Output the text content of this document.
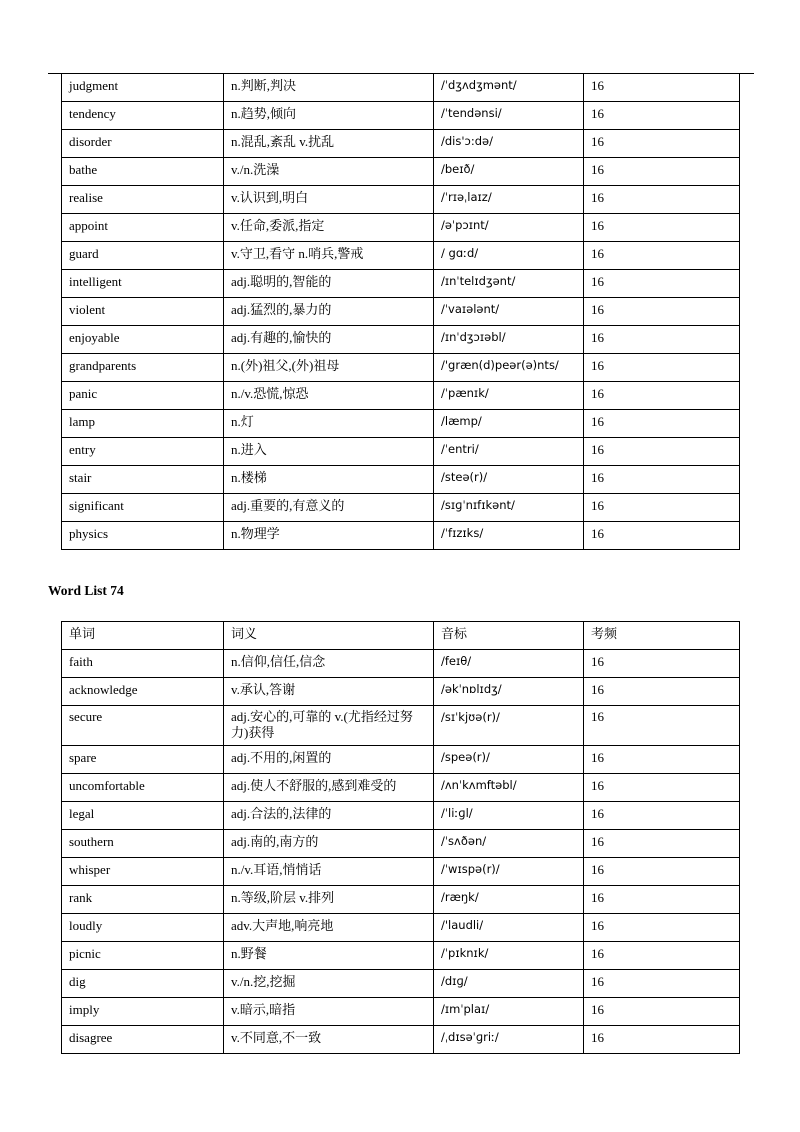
judgment	n.判断,判决	/ˈdʒʌdʒmənt/	16
tendency	n.趋势,倾向	/ˈtendənsi/	16
disorder	n.混乱,紊乱 v.扰乱	/dis'ɔ:də/	16
bathe	v./n.洗澡	/beɪð/	16
realise	v.认识到,明白	/ˈrɪəˌlaɪz/	16
appoint	v.任命,委派,指定	/əˈpɔɪnt/	16
guard	v.守卫,看守 n.哨兵,警戒	/ gɑːd/	16
intelligent	adj.聪明的,智能的	/ɪnˈtelɪdʒənt/	16
violent	adj.猛烈的,暴力的	/ˈvaɪələnt/	16
enjoyable	adj.有趣的,愉快的	/ɪnˈdʒɔɪəbl/	16
grandparents	n.(外)祖父,(外)祖母	/'græn(d)peər(ə)nts/	16
panic	n./v.恐慌,惊恐	/ˈpænɪk/	16
lamp	n.灯	/læmp/	16
entry	n.进入	/ˈentri/	16
stair	n.楼梯	/steə(r)/	16
significant	adj.重要的,有意义的	/sɪɡˈnɪfɪkənt/	16
physics	n.物理学	/ˈfɪzɪks/	16
Word List 74
单词	词义	音标	考频
faith	n.信仰,信任,信念	/feɪθ/	16
acknowledge	v.承认,答谢	/əkˈnɒlɪdʒ/	16
secure	adj.安心的,可靠的 v.(尤指经过努力)获得	/sɪˈkjʊə(r)/	16
spare	adj.不用的,闲置的	/speə(r)/	16
uncomfortable	adj.使人不舒服的,感到难受的	/ʌnˈkʌmftəbl/	16
legal	adj.合法的,法律的	/ˈliːɡl/	16
southern	adj.南的,南方的	/ˈsʌðən/	16
whisper	n./v.耳语,悄悄话	/ˈwɪspə(r)/	16
rank	n.等级,阶层 v.排列	/ræŋk/	16
loudly	adv.大声地,响亮地	/'laudli/	16
picnic	n.野餐	/ˈpɪknɪk/	16
dig	v./n.挖,挖掘	/dɪɡ/	16
imply	v.暗示,暗指	/ɪmˈplaɪ/	16
disagree	v.不同意,不一致	/ˌdɪsəˈɡriː/	16
